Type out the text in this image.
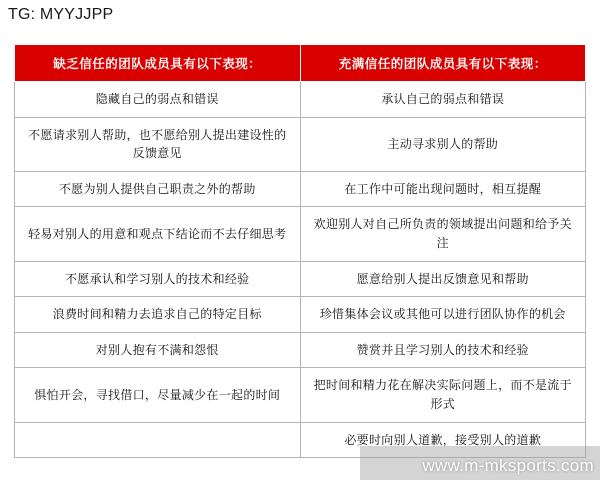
TG: MYYJJPP
缺乏信任的团队成员具有以下表现：	充满信任的团队成员具有以下表现：
隐藏自己的弱点和错误	承认自己的弱点和错误
不愿请求别人帮助，也不愿给别人提出建设性的反馈意见	主动寻求别人的帮助
不愿为别人提供自己职责之外的帮助	在工作中可能出现问题时，相互提醒
轻易对别人的用意和观点下结论而不去仔细思考	欢迎别人对自己所负责的领域提出问题和给予关注
不愿承认和学习别人的技术和经验	愿意给别人提出反馈意见和帮助
浪费时间和精力去追求自己的特定目标	珍惜集体会议或其他可以进行团队协作的机会
对别人抱有不满和怨恨	赞赏并且学习别人的技术和经验
惧怕开会，寻找借口，尽量减少在一起的时间	把时间和精力花在解决实际问题上，而不是流于形式
	必要时向别人道歉，接受别人的道歉
www.m-mksports.com
